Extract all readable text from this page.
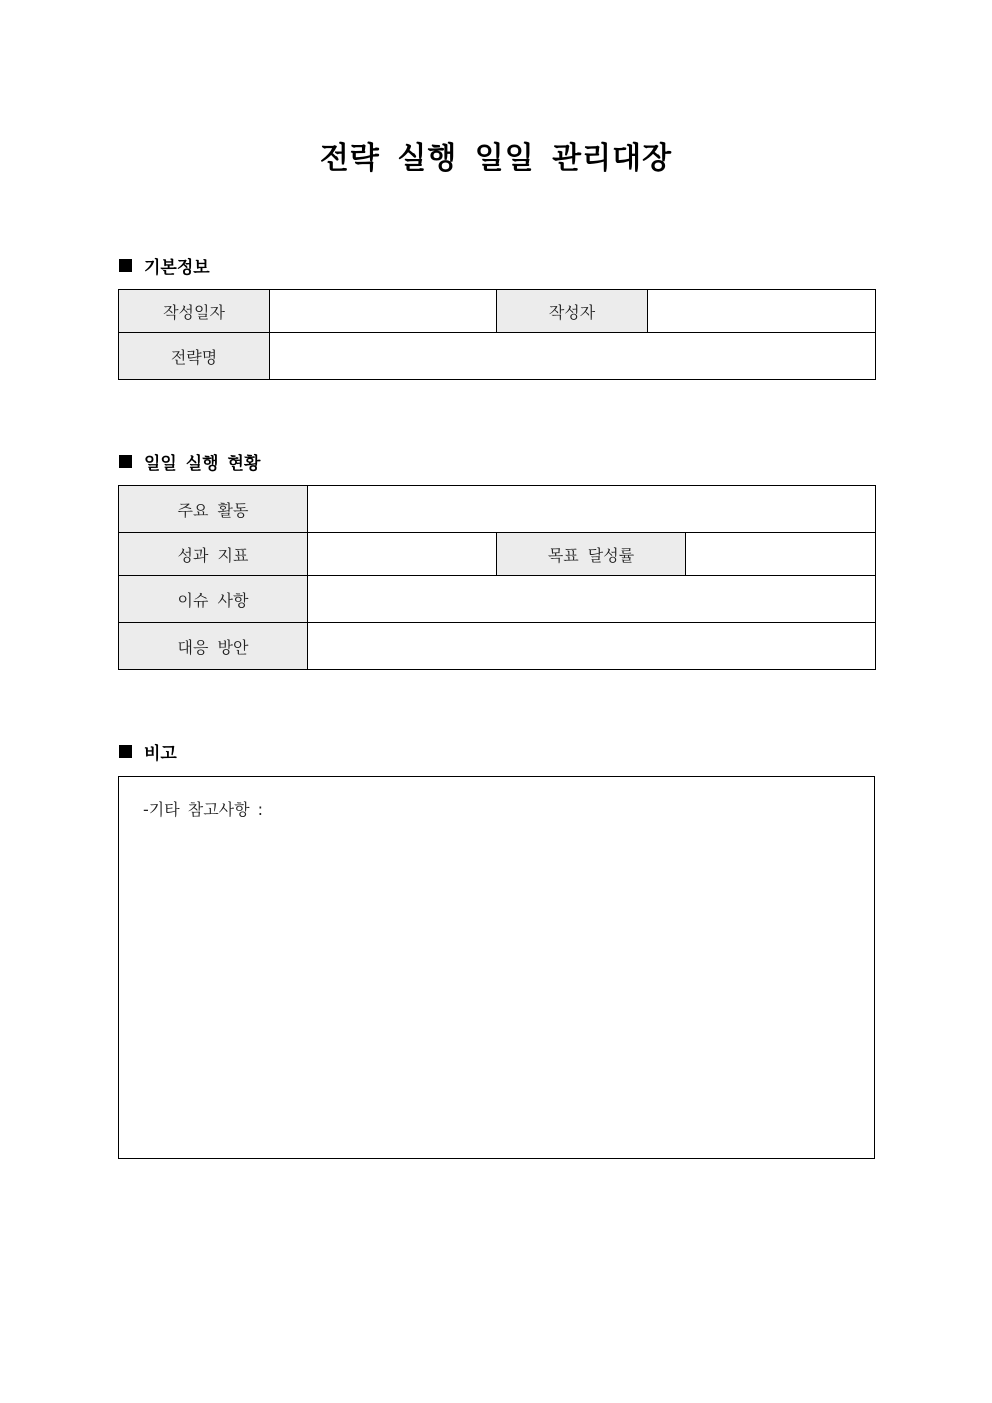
전략 실행 일일 관리대장
기본정보
작성일자		작성자	
전략명			
일일 실행 현황
주요 활동			
성과 지표		목표 달성률	
이슈 사항			
대응 방안			
비고
-기타 참고사항 :
